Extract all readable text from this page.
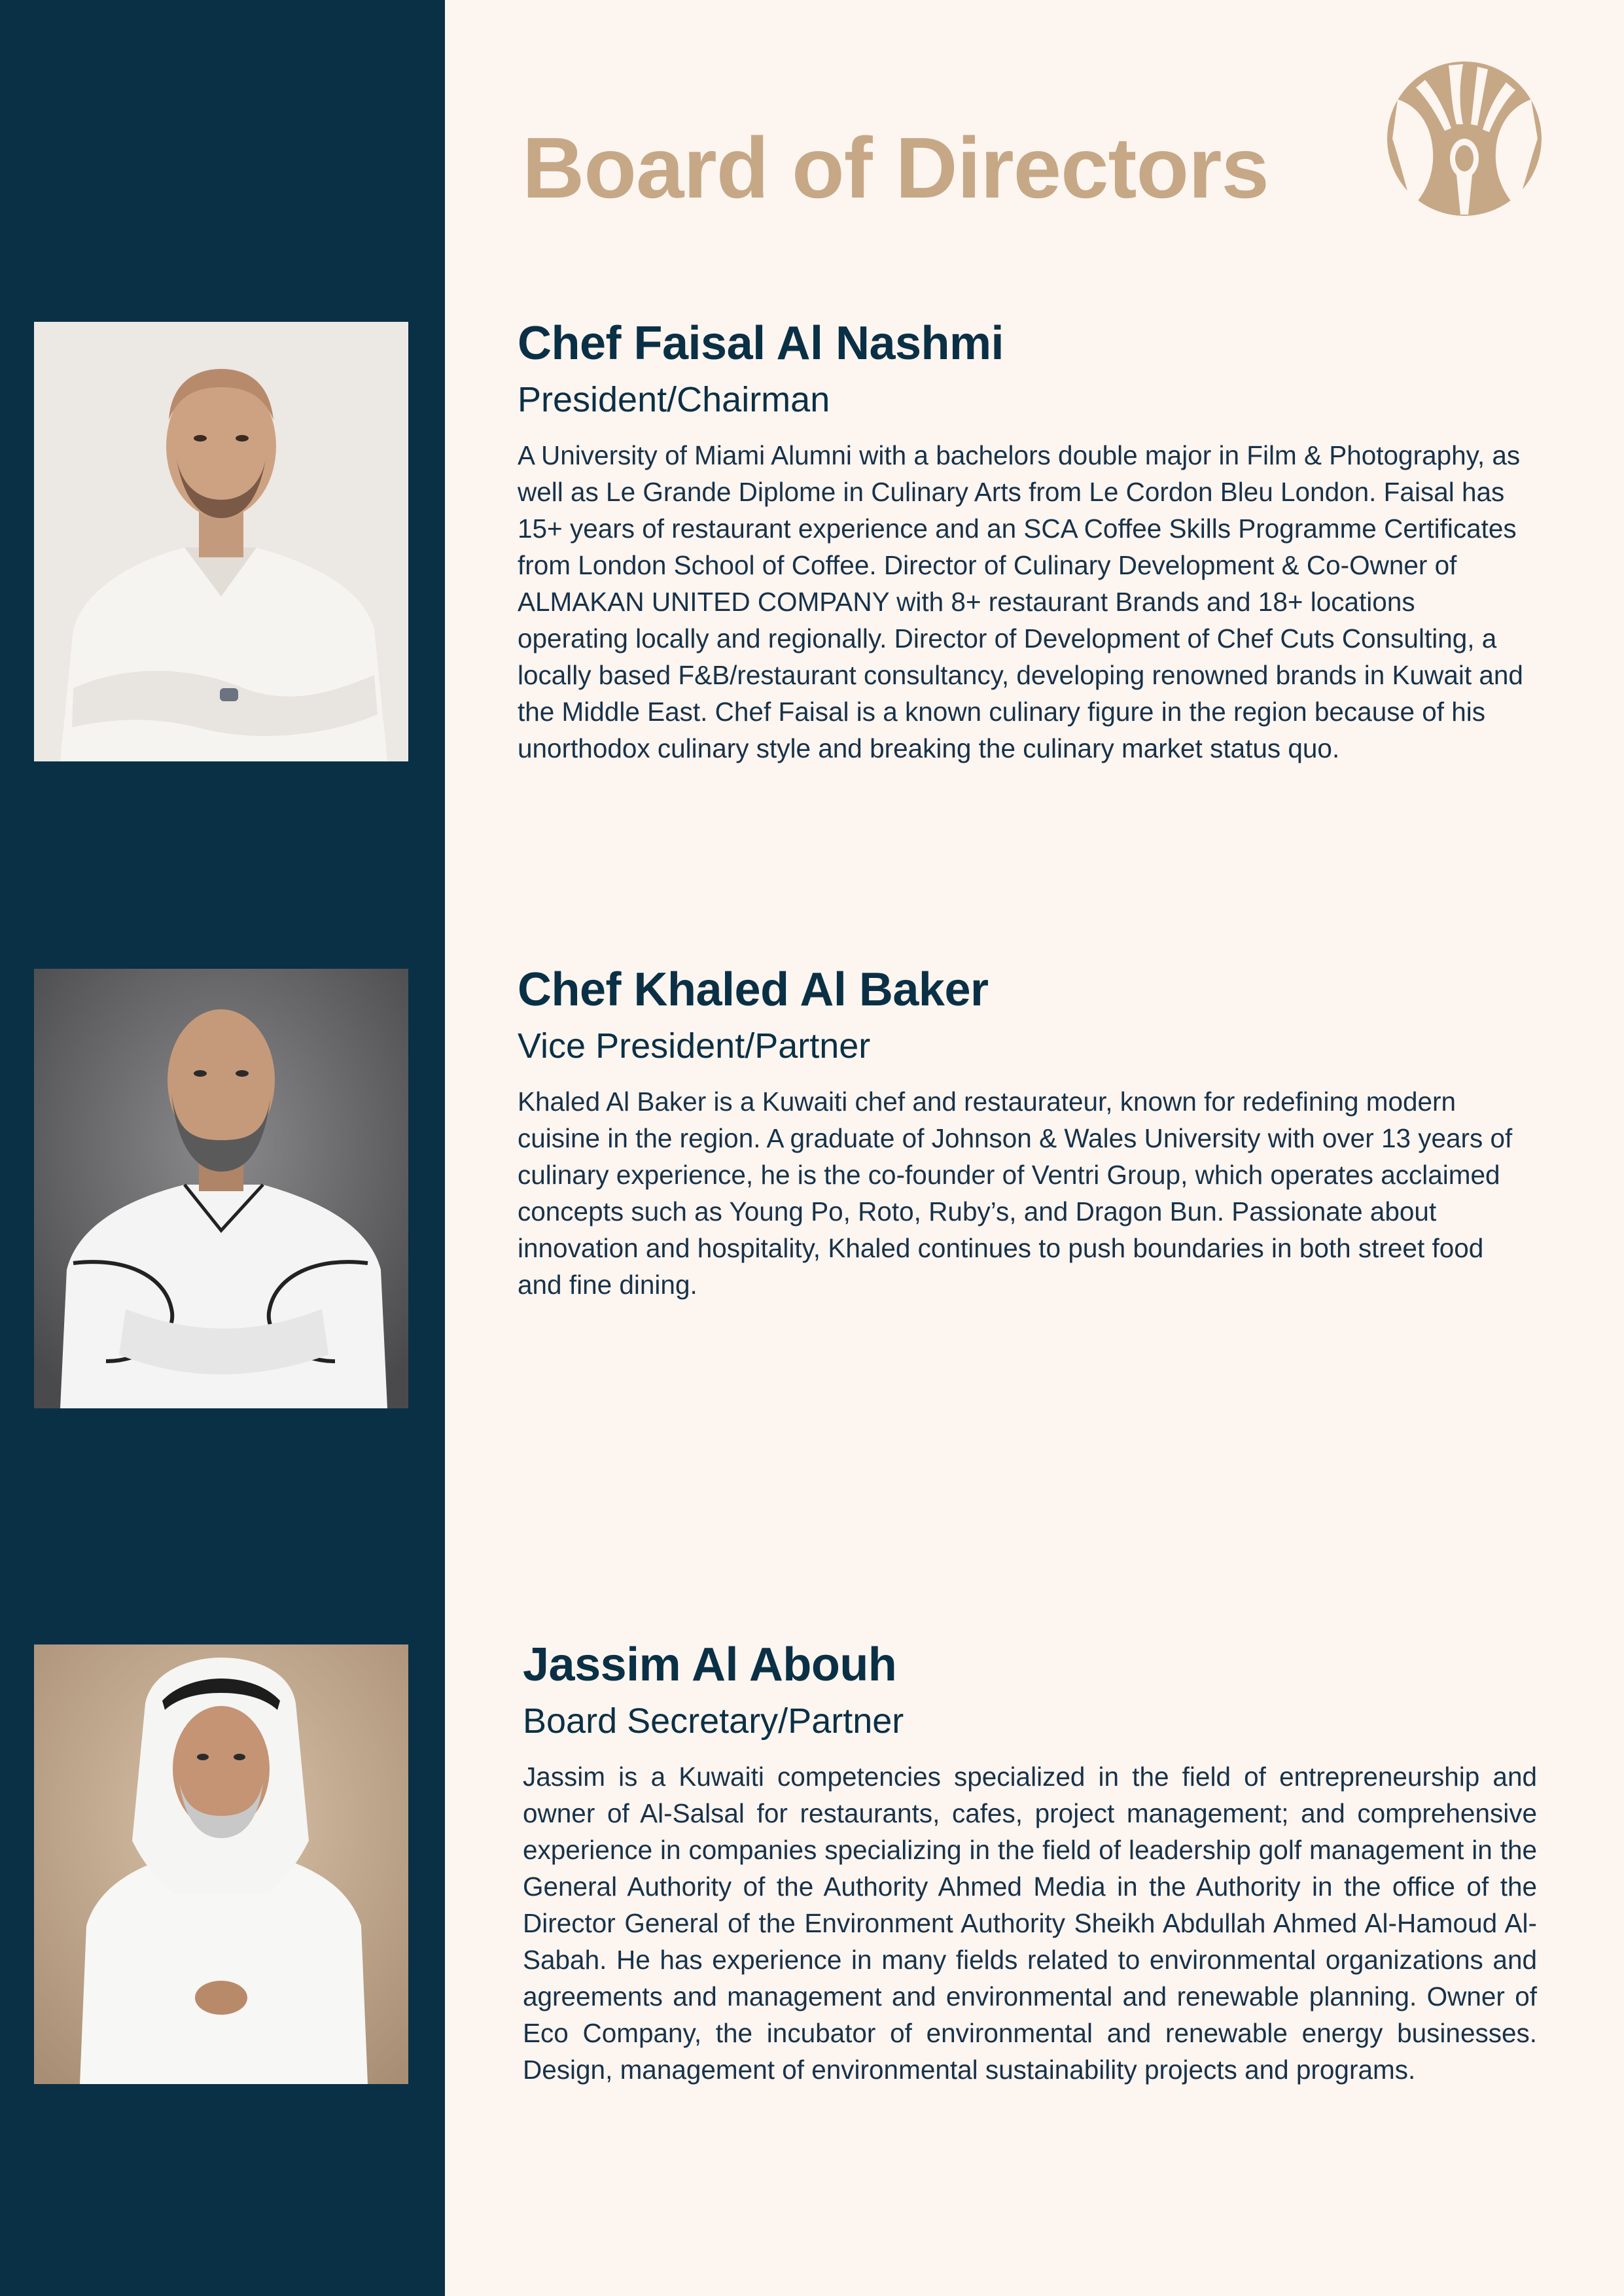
Board of Directors
Chef Faisal Al Nashmi

President/Chairman

A University of Miami Alumni with a bachelors double major in Film & Photography, as well as Le Grande Diplome in Culinary Arts from Le Cordon Bleu London. Faisal has 15+ years of restaurant experience and an SCA Coffee Skills Programme Certificates from London School of Coffee. Director of Culinary Development & Co-Owner of ALMAKAN UNITED COMPANY with 8+ restaurant Brands and 18+ locations operating locally and regionally. Director of Development of Chef Cuts Consulting, a locally based F&B/restaurant consultancy, developing renowned brands in Kuwait and the Middle East. Chef Faisal is a known culinary figure in the region because of his unorthodox culinary style and breaking the culinary market status quo.

Chef Khaled Al Baker

Vice President/Partner

Khaled Al Baker is a Kuwaiti chef and restaurateur, known for redefining modern cuisine in the region. A graduate of Johnson & Wales University with over 13 years of culinary experience, he is the co-founder of Ventri Group, which operates acclaimed concepts such as Young Po, Roto, Ruby’s, and Dragon Bun. Passionate about innovation and hospitality, Khaled continues to push boundaries in both street food and fine dining.

Jassim Al Abouh

Board Secretary/Partner

Jassim is a Kuwaiti competencies specialized in the field of entrepreneurship and owner of Al-Salsal for restaurants, cafes, project management; and comprehensive experience in companies specializing in the field of leadership golf management in the General Authority of the Authority Ahmed Media in the Authority in the office of the Director General of the Environment Authority Sheikh Abdullah Ahmed Al-Hamoud Al-Sabah. He has experience in many fields related to environmental organizations and agreements and management and environmental and renewable planning. Owner of Eco Company, the incubator of environmental and renewable energy businesses. Design, management of environmental sustainability projects and programs.
